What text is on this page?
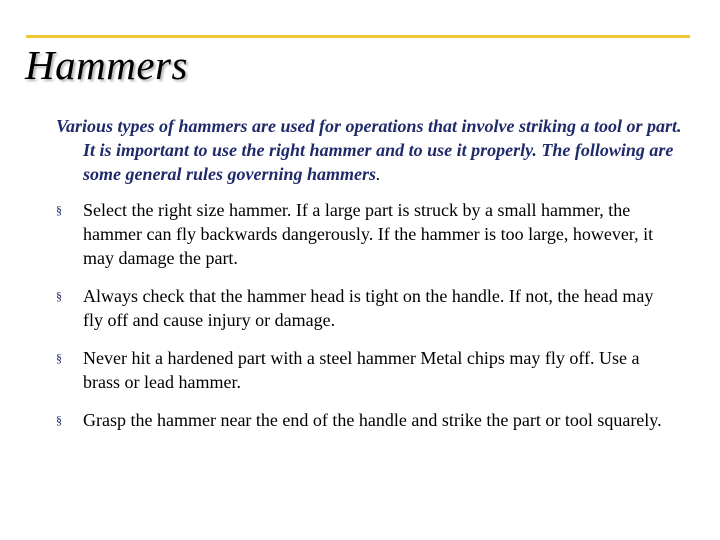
Hammers

Various types of hammers are used for operations that involve striking a tool or part. It is important to use the right hammer and to use it properly. The following are some general rules governing hammers.

§ Select the right size hammer. If a large part is struck by a small hammer, the hammer can fly backwards dangerously. If the hammer is too large, however, it may damage the part.
§ Always check that the hammer head is tight on the handle. If not, the head may fly off and cause injury or damage.
§ Never hit a hardened part with a steel hammer Metal chips may fly off. Use a brass or lead hammer.
§ Grasp the hammer near the end of the handle and strike the part or tool squarely.
